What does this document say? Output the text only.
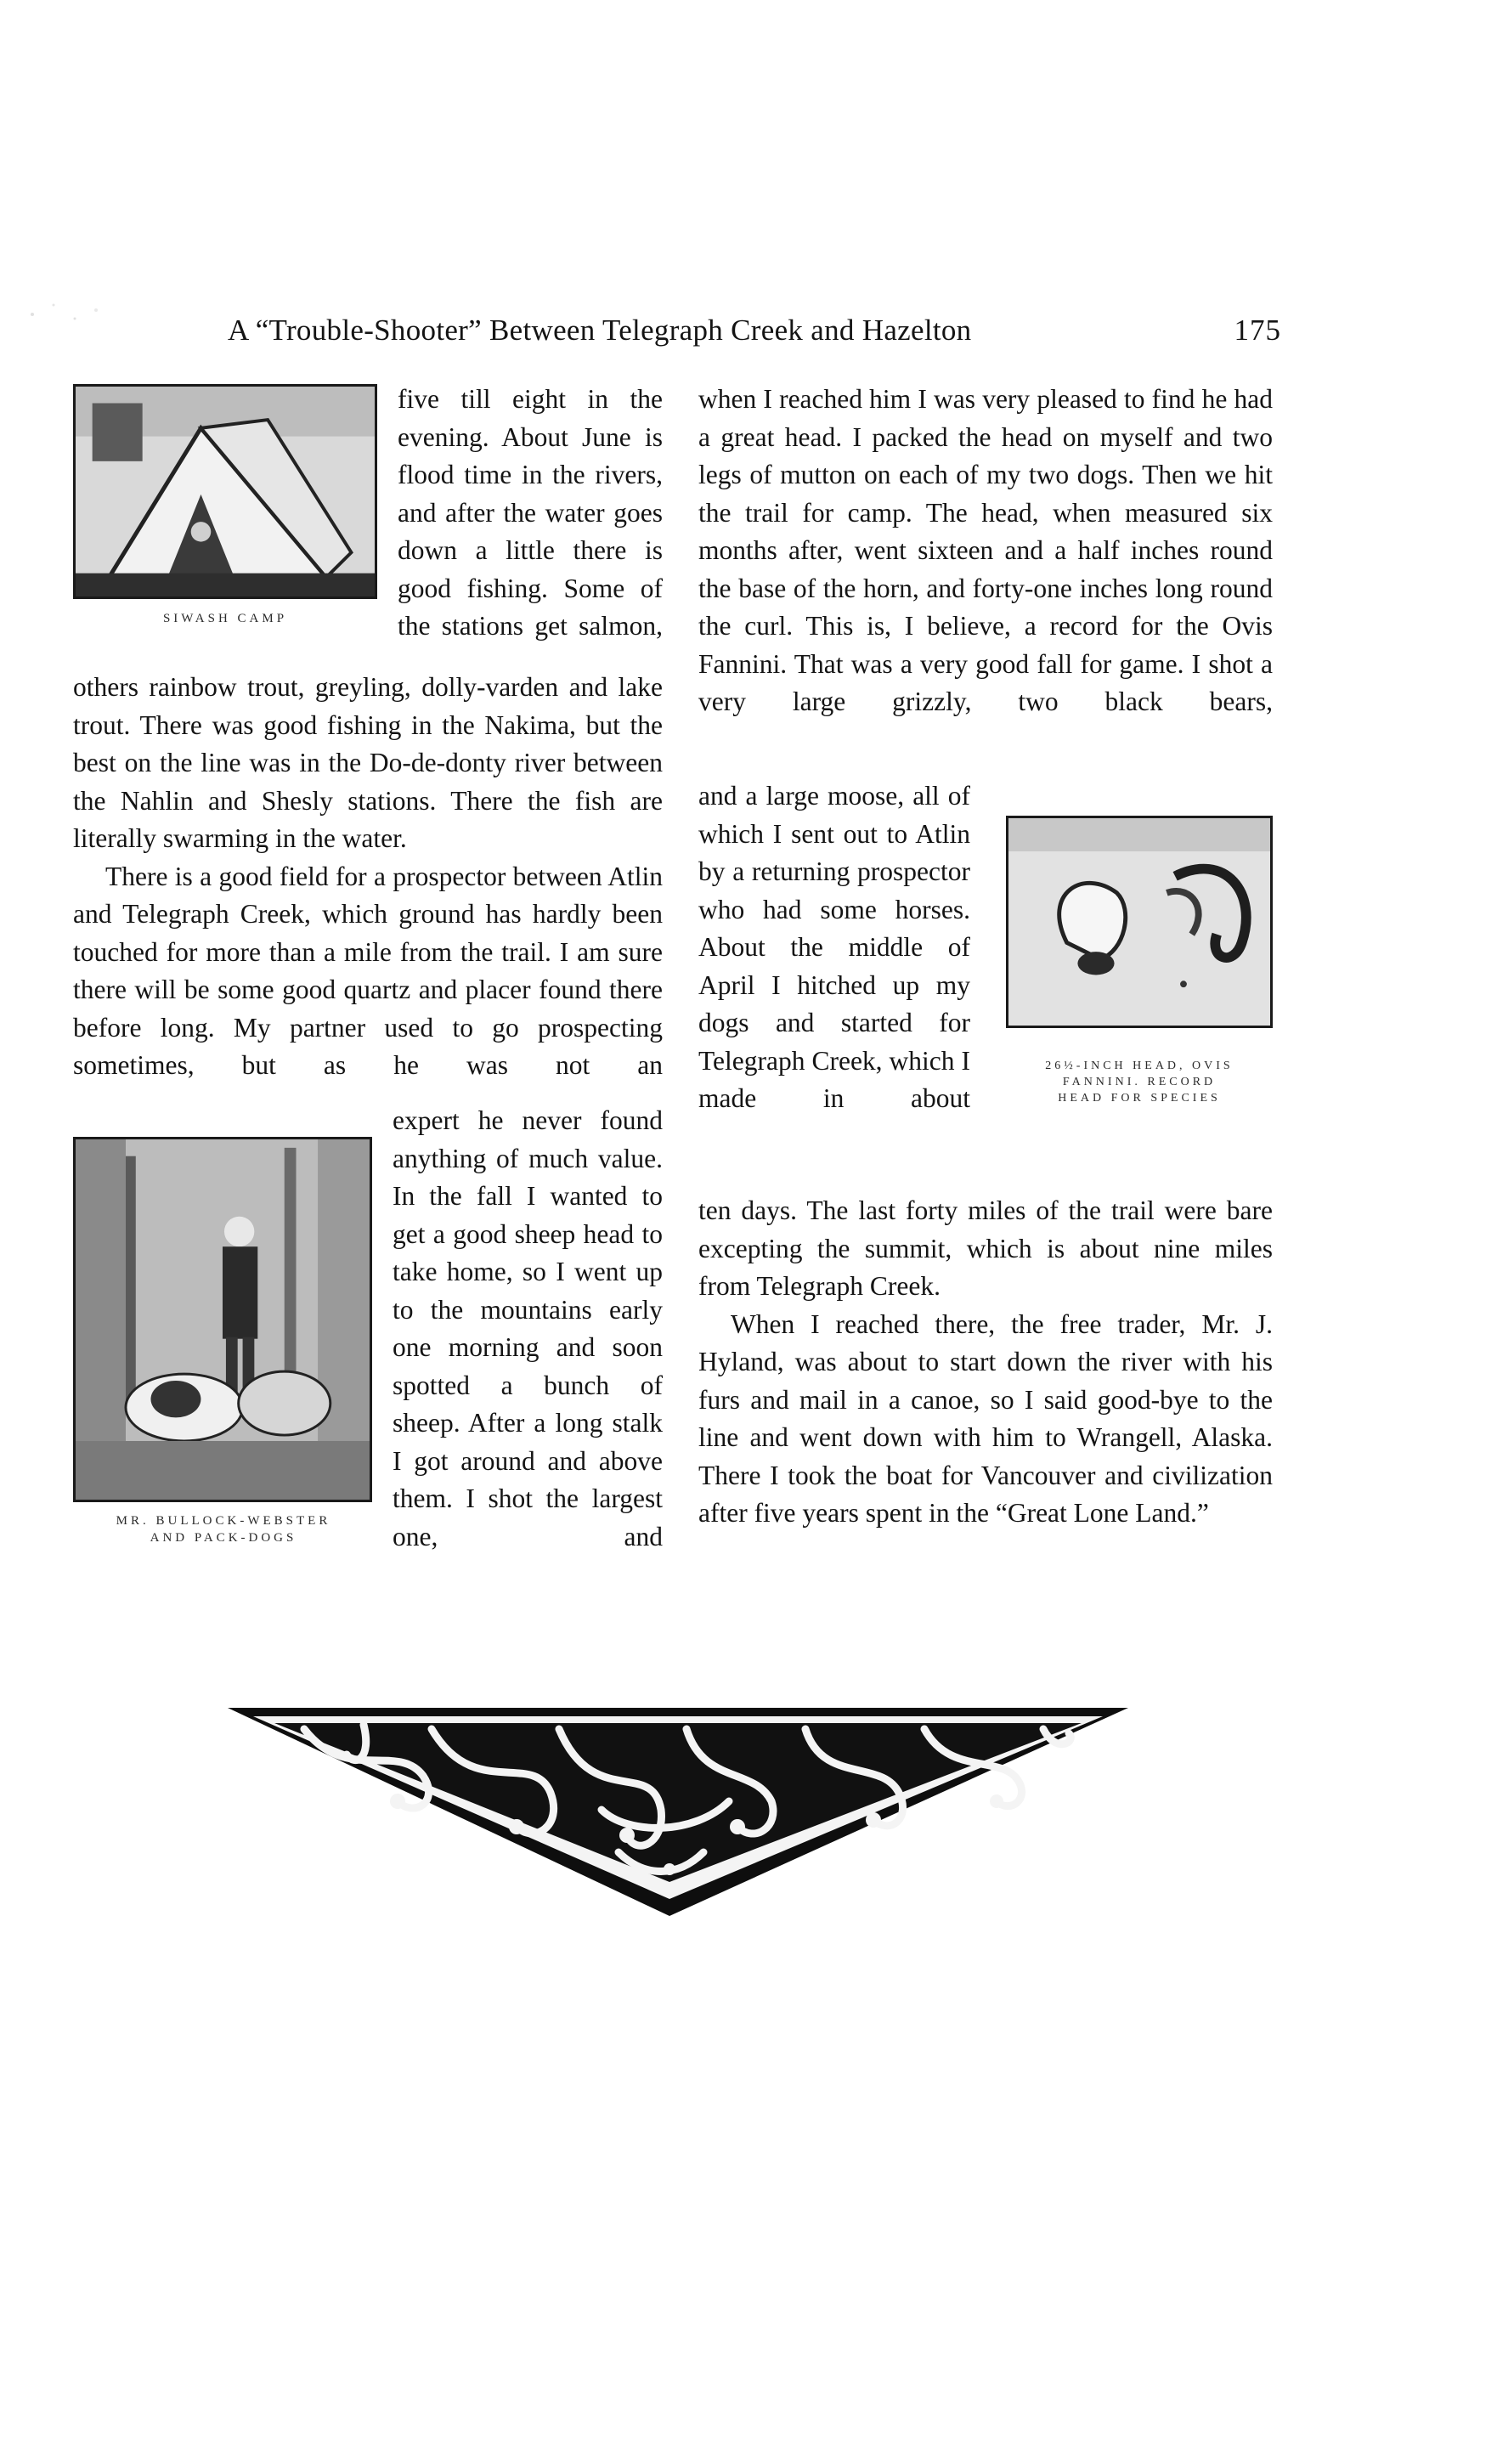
A “Trouble-Shooter” Between Telegraph Creek and Hazelton	175
SIWASH CAMP

five till eight in the evening. About June is flood time in the rivers, and after the water goes down a little there is good fishing. Some of the stations get salmon,

others rainbow trout, greyling, dolly-varden and lake trout. There was good fishing in the Nakima, but the best on the line was in the Do-de-donty river between the Nahlin and Shesly stations. There the fish are literally swarming in the water.

There is a good field for a prospector between Atlin and Telegraph Creek, which ground has hardly been touched for more than a mile from the trail. I am sure there will be some good quartz and placer found there before long. My partner used to go prospecting sometimes, but as he was not an

MR. BULLOCK-WEBSTER
AND PACK-DOGS

expert he never found anything of much value. In the fall I wanted to get a good sheep head to take home, so I went up to the mountains early one morning and soon spotted a bunch of sheep. After a long stalk I got around and above them. I shot the largest one, and

when I reached him I was very pleased to find he had a great head. I packed the head on myself and two legs of mutton on each of my two dogs. Then we hit the trail for camp. The head, when measured six months after, went sixteen and a half inches round the base of the horn, and forty-one inches long round the curl. This is, I believe, a record for the Ovis Fannini. That was a very good fall for game. I shot a very large grizzly, two black bears,

and a large moose, all of which I sent out to Atlin by a returning prospector who had some horses. About the middle of April I hitched up my dogs and started for Telegraph Creek, which I made in about

26½-INCH HEAD, OVIS
FANNINI. RECORD
HEAD FOR SPECIES

ten days. The last forty miles of the trail were bare excepting the summit, which is about nine miles from Telegraph Creek.

When I reached there, the free trader, Mr. J. Hyland, was about to start down the river with his furs and mail in a canoe, so I said good-bye to the line and went down with him to Wrangell, Alaska. There I took the boat for Vancouver and civilization after five years spent in the “Great Lone Land.”
